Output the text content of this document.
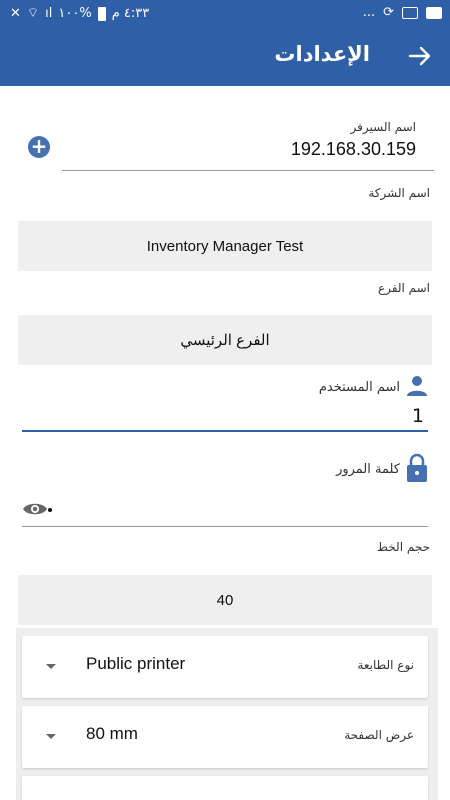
٤:٣٣ م
%١٠٠
ıl
⌔
✕	... ⟳
الإعدادات
اسم السيرفر
192.168.30.159
+
اسم الشركة
Inventory Manager Test
اسم الفرع
الفرع الرئيسي
اسم المستخدم
1
كلمة المرور
حجم الخط
40
Public printer	نوع الطابعة
80 mm	عرض الصفحة
